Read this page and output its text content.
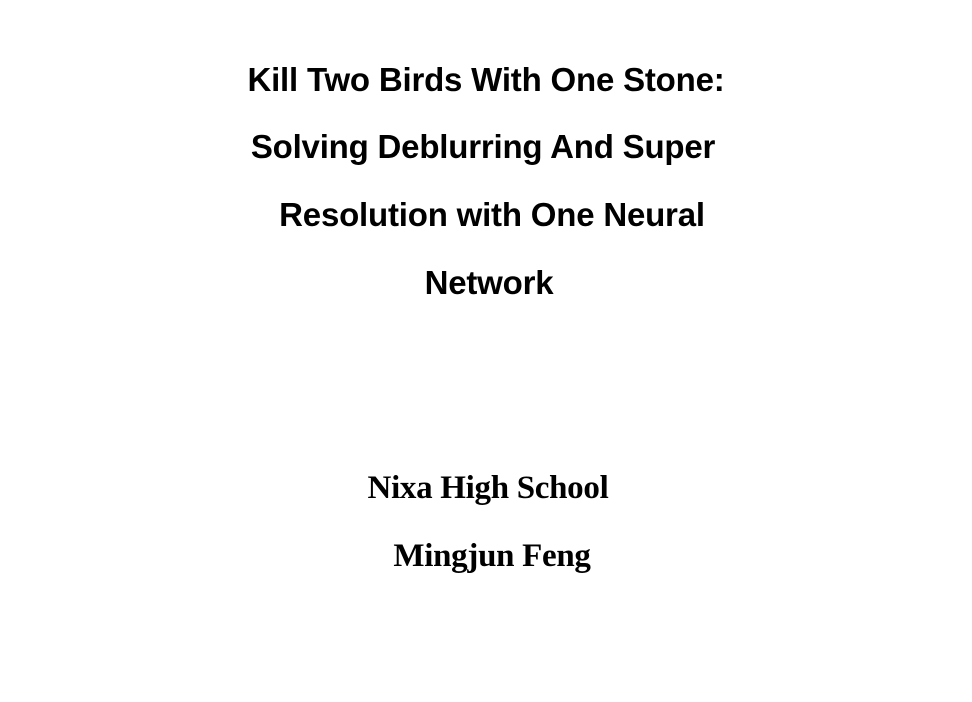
Kill Two Birds With One Stone:
Solving Deblurring And Super
Resolution with One Neural
Network
Nixa High School
Mingjun Feng
